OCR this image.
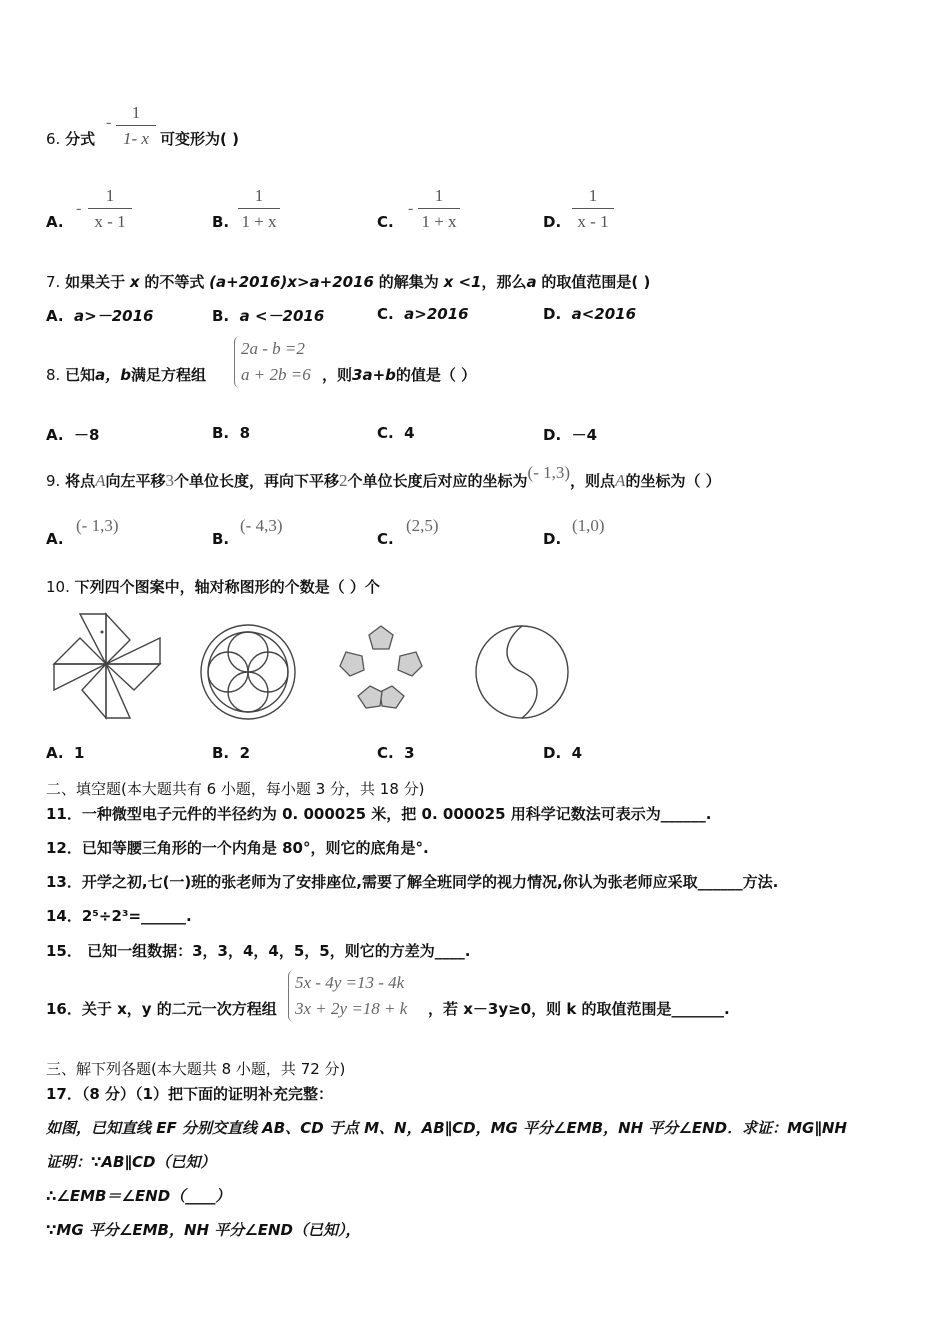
6. 分式
-
1
1- x 可变形为( )
A.
-
1
x - 1	B.
1
1 + x	C.
-
1
1 + x	D.
1
x - 1
7. 如果关于 x 的不等式 (a+2016)x>a+2016 的解集为 x <1，那么a 的取值范围是( )
A. a>－2016	B. a <－2016	C. a>2016	D. a<2016
8. 已知a，b满足方程组
2a - b =2
a + 2b =6 ，则3a+b的值是（ ）
A. －8	B. 8	C. 4	D. －4
9. 将点A向左平移3个单位长度，再向下平移2个单位长度后对应的坐标为(- 1,3)，则点A的坐标为（ ）
A.
(- 1,3)
B.
(- 4,3)
C.
(2,5)
D.
(1,0)
10. 下列四个图案中，轴对称图形的个数是（ ）个
A. 1	B. 2	C. 3	D. 4
二、填空题(本大题共有 6 小题，每小题 3 分，共 18 分)
11．一种微型电子元件的半径约为 0. 000025 米，把 0. 000025 用科学记数法可表示为______.
12．已知等腰三角形的一个内角是 80°，则它的底角是°.
13．开学之初,七(一)班的张老师为了安排座位,需要了解全班同学的视力情况,你认为张老师应采取______方法.
14．2⁵÷2³=______.
15． 已知一组数据：3，3，4，4，5，5，则它的方差为____.
16．关于 x，y 的二元一次方程组
5x - 4y =13 - 4k
3x + 2y =18 + k ，若 x－3y≥0，则 k 的取值范围是_______.
三、解下列各题(本大题共 8 小题，共 72 分)
17．（8 分）（1）把下面的证明补充完整：
如图，已知直线 EF 分别交直线 AB、CD 于点 M、N，AB∥CD，MG 平分∠EMB，NH 平分∠END．求证：MG∥NH
证明：∵AB∥CD（已知）
∴∠EMB＝∠END（____）
∵MG 平分∠EMB，NH 平分∠END（已知），
